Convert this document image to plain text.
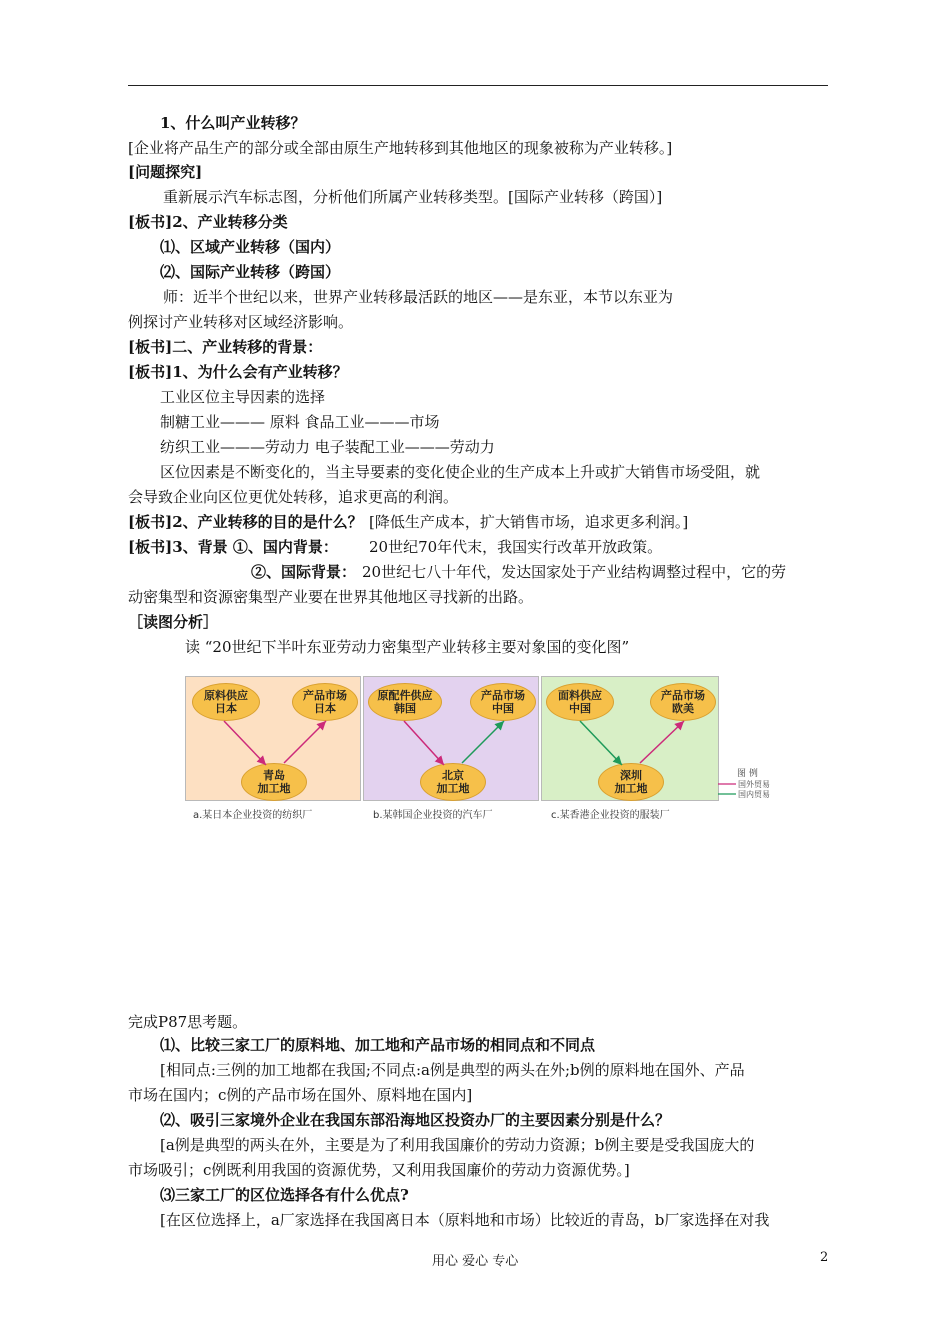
1、什么叫产业转移？
[企业将产品生产的部分或全部由原生产地转移到其他地区的现象被称为产业转移。]
[问题探究]
重新展示汽车标志图，分析他们所属产业转移类型。[国际产业转移（跨国）]
[板书]2、产业转移分类
⑴、区域产业转移（国内）
⑵、国际产业转移（跨国）
师：近半个世纪以来，世界产业转移最活跃的地区——是东亚，本节以东亚为
例探讨产业转移对区域经济影响。
[板书]二、产业转移的背景：
[板书]1、为什么会有产业转移？
工业区位主导因素的选择
制糖工业——— 原料 食品工业———市场
纺织工业———劳动力 电子装配工业———劳动力
区位因素是不断变化的，当主导要素的变化使企业的生产成本上升或扩大销售市场受阻，就
会导致企业向区位更优处转移，追求更高的利润。
[板书]2、产业转移的目的是什么？ [降低生产成本，扩大销售市场，追求更多利润。]
[板书]3、背景 ①、国内背景： 20世纪70年代末，我国实行改革开放政策。
②、国际背景： 20世纪七八十年代，发达国家处于产业结构调整过程中，它的劳
动密集型和资源密集型产业要在世界其他地区寻找新的出路。
［读图分析］
读 “20世纪下半叶东亚劳动力密集型产业转移主要对象国的变化图”
完成P87思考题。
⑴、比较三家工厂的原料地、加工地和产品市场的相同点和不同点
[相同点:三例的加工地都在我国;不同点:a例是典型的两头在外;b例的原料地在国外、产品
市场在国内；c例的产品市场在国外、原料地在国内]
⑵、吸引三家境外企业在我国东部沿海地区投资办厂的主要因素分别是什么？
[a例是典型的两头在外，主要是为了利用我国廉价的劳动力资源；b例主要是受我国庞大的
市场吸引；c例既利用我国的资源优势，又利用我国廉价的劳动力资源优势。]
⑶三家工厂的区位选择各有什么优点?
[在区位选择上，a厂家选择在我国离日本（原料地和市场）比较近的青岛，b厂家选择在对我
原料供应
日本
产品市场
日本
青岛
加工地
原配件供应
韩国
产品市场
中国
北京
加工地
面料供应
中国
产品市场
欧美
深圳
加工地
a.某日本企业投资的纺织厂	b.某韩国企业投资的汽车厂	c.某香港企业投资的服装厂
图 例
国外贸易
国内贸易
用心 爱心 专心	2
